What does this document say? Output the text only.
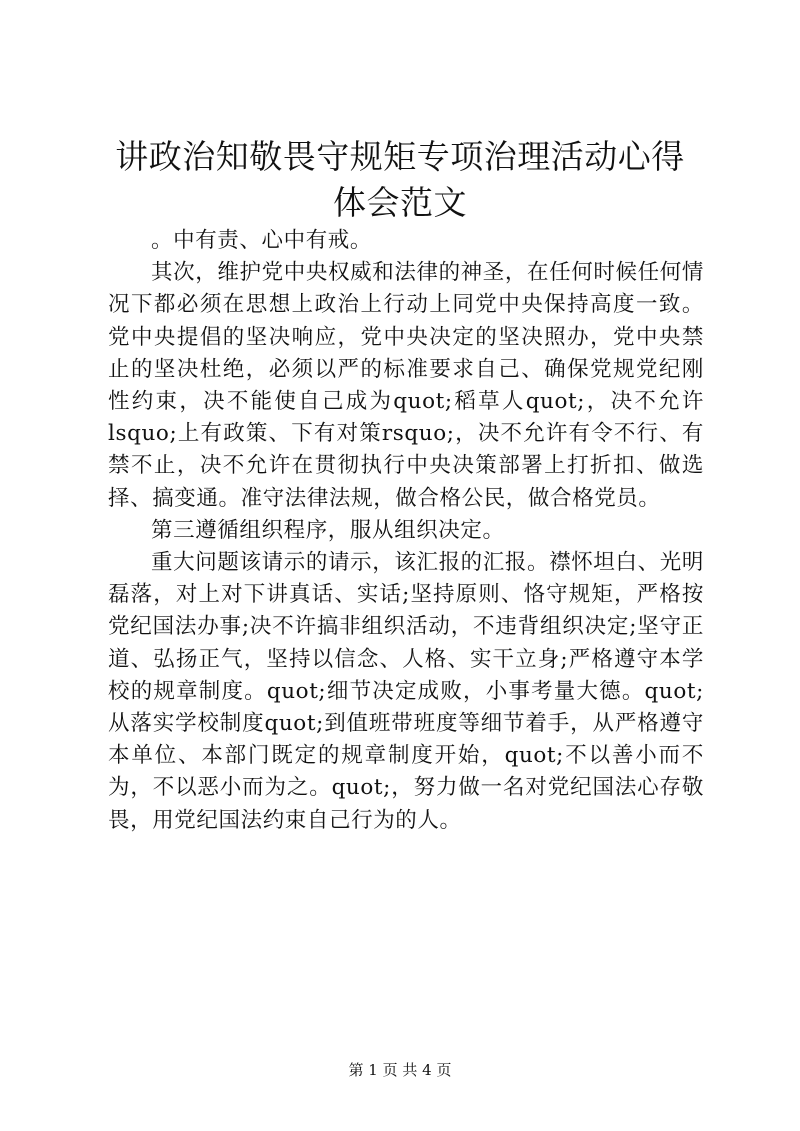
讲政治知敬畏守规矩专项治理活动心得体会范文

。中有责、心中有戒。

其次，维护党中央权威和法律的神圣，在任何时候任何情况下都必须在思想上政治上行动上同党中央保持高度一致。党中央提倡的坚决响应，党中央决定的坚决照办，党中央禁止的坚决杜绝，必须以严的标准要求自己、确保党规党纪刚性约束，决不能使自己成为quot;稻草人quot;，决不允许lsquo;上有政策、下有对策rsquo;，决不允许有令不行、有禁不止，决不允许在贯彻执行中央决策部署上打折扣、做选择、搞变通。准守法律法规，做合格公民，做合格党员。

第三遵循组织程序，服从组织决定。

重大问题该请示的请示，该汇报的汇报。襟怀坦白、光明磊落，对上对下讲真话、实话;坚持原则、恪守规矩，严格按党纪国法办事;决不许搞非组织活动，不违背组织决定;坚守正道、弘扬正气，坚持以信念、人格、实干立身;严格遵守本学校的规章制度。quot;细节决定成败，小事考量大德。quot;从落实学校制度quot;到值班带班度等细节着手，从严格遵守本单位、本部门既定的规章制度开始，quot;不以善小而不为，不以恶小而为之。quot;，努力做一名对党纪国法心存敬畏，用党纪国法约束自己行为的人。

第 1 页 共 4 页
